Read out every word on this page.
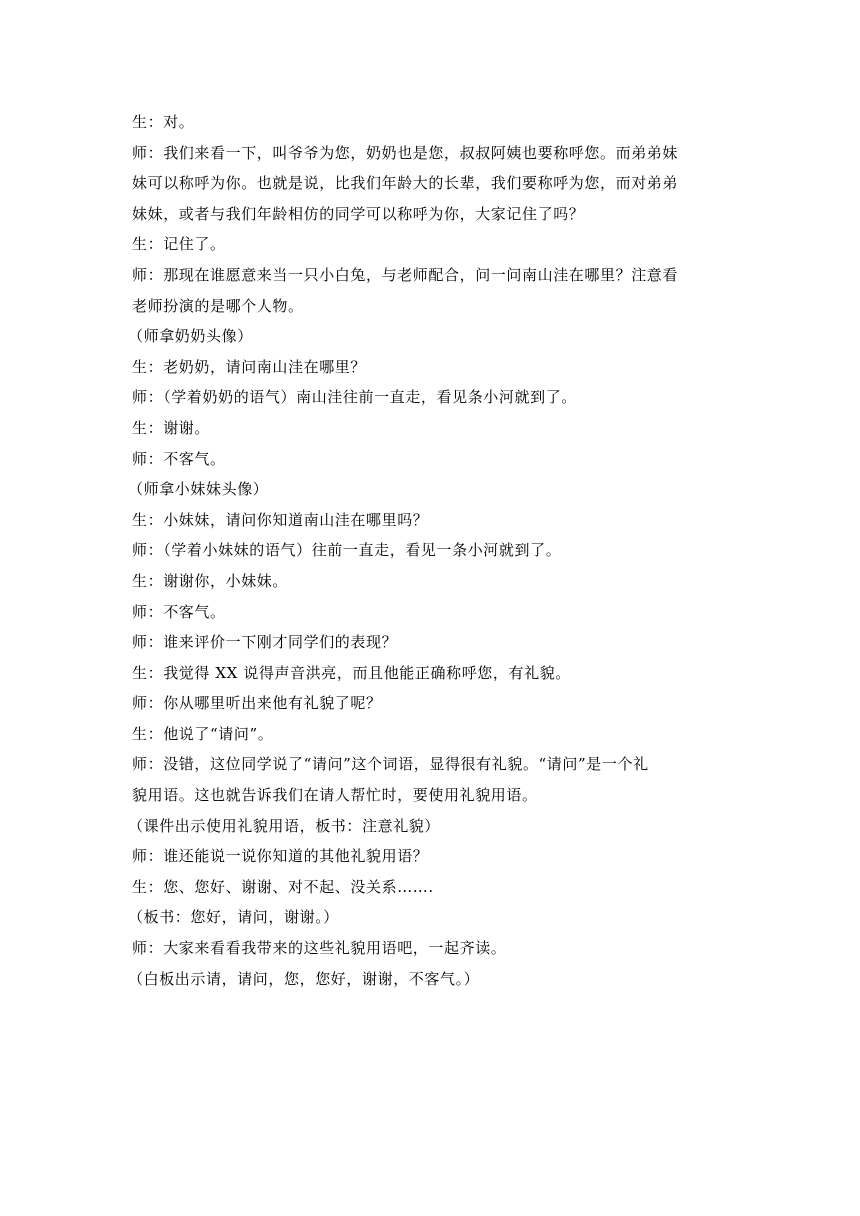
生：对。
师：我们来看一下，叫爷爷为您，奶奶也是您，叔叔阿姨也要称呼您。而弟弟妹
妹可以称呼为你。也就是说，比我们年龄大的长辈，我们要称呼为您，而对弟弟
妹妹，或者与我们年龄相仿的同学可以称呼为你，大家记住了吗？
生：记住了。
师：那现在谁愿意来当一只小白兔，与老师配合，问一问南山洼在哪里？注意看
老师扮演的是哪个人物。
（师拿奶奶头像）
生：老奶奶，请问南山洼在哪里？
师：（学着奶奶的语气）南山洼往前一直走，看见条小河就到了。
生：谢谢。
师：不客气。
（师拿小妹妹头像）
生：小妹妹，请问你知道南山洼在哪里吗？
师：（学着小妹妹的语气）往前一直走，看见一条小河就到了。
生：谢谢你，小妹妹。
师：不客气。
师：谁来评价一下刚才同学们的表现？
生：我觉得 XX 说得声音洪亮，而且他能正确称呼您，有礼貌。
师：你从哪里听出来他有礼貌了呢？
生：他说了“请问”。
师：没错，这位同学说了“请问”这个词语，显得很有礼貌。“请问”是一个礼
貌用语。这也就告诉我们在请人帮忙时，要使用礼貌用语。
（课件出示使用礼貌用语，板书：注意礼貌）
师：谁还能说一说你知道的其他礼貌用语？
生：您、您好、谢谢、对不起、没关系…….
（板书：您好，请问，谢谢。）
师：大家来看看我带来的这些礼貌用语吧，一起齐读。
（白板出示请，请问，您，您好，谢谢，不客气。）
